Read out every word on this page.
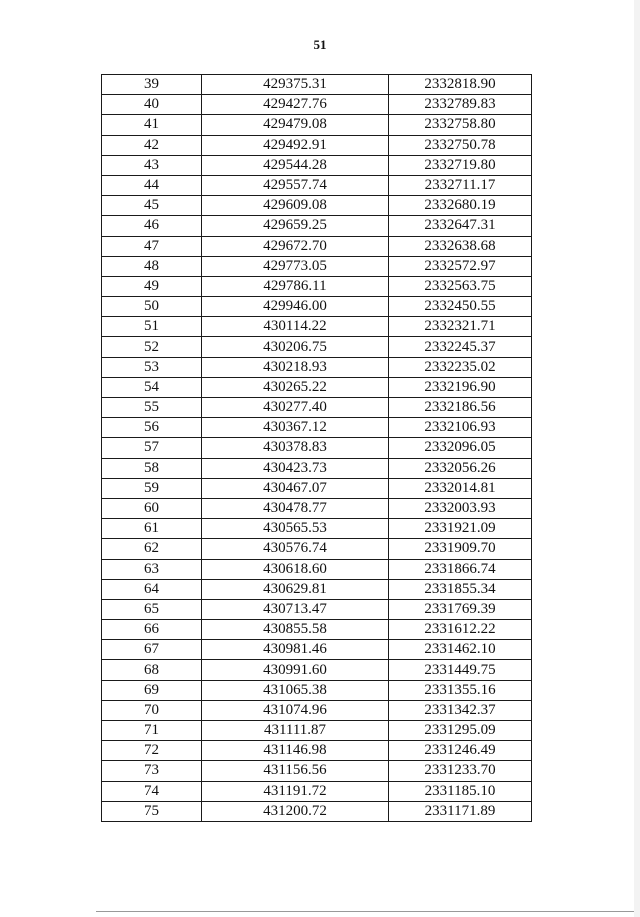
51
39	429375.31	2332818.90
40	429427.76	2332789.83
41	429479.08	2332758.80
42	429492.91	2332750.78
43	429544.28	2332719.80
44	429557.74	2332711.17
45	429609.08	2332680.19
46	429659.25	2332647.31
47	429672.70	2332638.68
48	429773.05	2332572.97
49	429786.11	2332563.75
50	429946.00	2332450.55
51	430114.22	2332321.71
52	430206.75	2332245.37
53	430218.93	2332235.02
54	430265.22	2332196.90
55	430277.40	2332186.56
56	430367.12	2332106.93
57	430378.83	2332096.05
58	430423.73	2332056.26
59	430467.07	2332014.81
60	430478.77	2332003.93
61	430565.53	2331921.09
62	430576.74	2331909.70
63	430618.60	2331866.74
64	430629.81	2331855.34
65	430713.47	2331769.39
66	430855.58	2331612.22
67	430981.46	2331462.10
68	430991.60	2331449.75
69	431065.38	2331355.16
70	431074.96	2331342.37
71	431111.87	2331295.09
72	431146.98	2331246.49
73	431156.56	2331233.70
74	431191.72	2331185.10
75	431200.72	2331171.89
